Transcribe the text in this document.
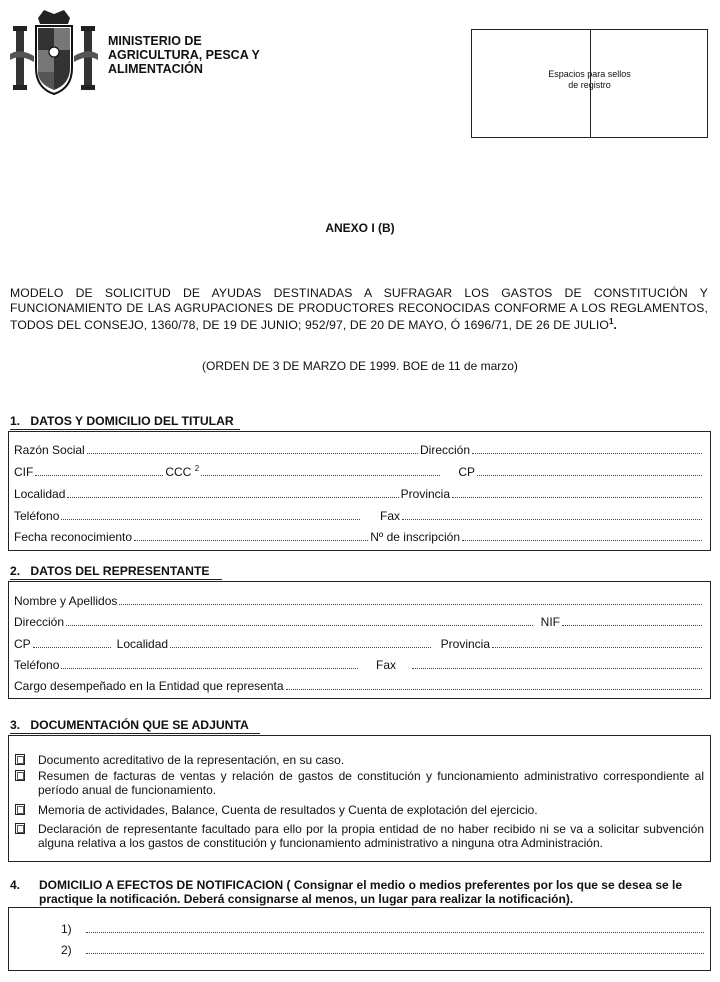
MINISTERIO DE
AGRICULTURA, PESCA Y
ALIMENTACIÓN	Espacios para sellos
de registro
ANEXO I (B)
MODELO DE SOLICITUD DE AYUDAS DESTINADAS A SUFRAGAR LOS GASTOS DE CONSTITUCIÓN Y FUNCIONAMIENTO DE LAS AGRUPACIONES DE PRODUCTORES RECONOCIDAS CONFORME A LOS REGLAMENTOS, TODOS DEL CONSEJO, 1360/78, DE 19 DE JUNIO; 952/97, DE 20 DE MAYO, Ó 1696/71, DE 26 DE JULIO$^1$.
(ORDEN DE 3 DE MARZO DE 1999. BOE de 11 de marzo)
1.   DATOS Y DOMICILIO DEL TITULAR
Razón Social	Dirección
CIF	CCC $^2$	CP
Localidad	Provincia
Teléfono	Fax
Fecha reconocimiento	Nº de inscripción
2.   DATOS DEL REPRESENTANTE
Nombre y Apellidos
Dirección	NIF
CP	Localidad	Provincia
Teléfono	Fax
Cargo desempeñado en la Entidad que representa
3.   DOCUMENTACIÓN QUE SE ADJUNTA
Documento acreditativo de la representación, en su caso.
Resumen de facturas de ventas y relación de gastos de constitución y funcionamiento administrativo correspondiente al período anual de funcionamiento.
Memoria de actividades, Balance, Cuenta de resultados y Cuenta de explotación del ejercicio.
Declaración de representante facultado para ello por la propia entidad de no haber recibido ni se va a solicitar subvención alguna relativa a los gastos de constitución y funcionamiento administrativo a ninguna otra Administración.
4.	DOMICILIO A EFECTOS DE NOTIFICACION ( Consignar el medio o medios preferentes por los que se desea se le practique la notificación. Deberá consignarse al menos, un lugar para realizar la notificación).
1)
2)
